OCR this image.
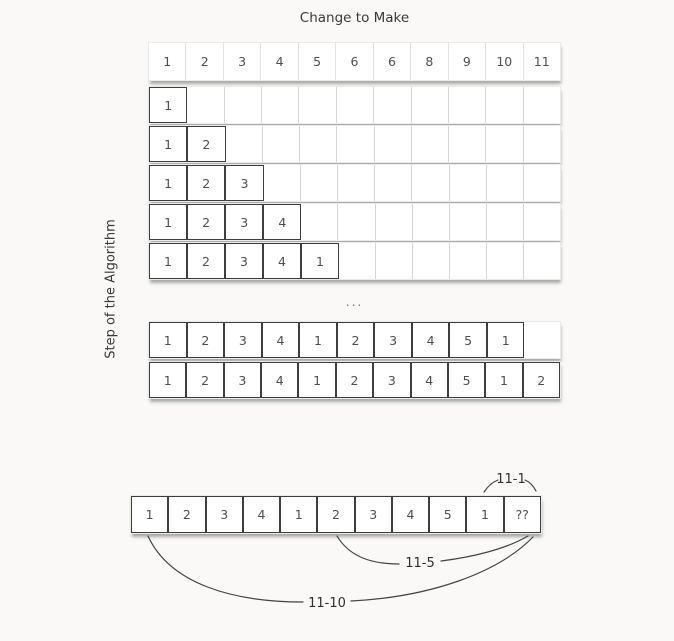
Change to Make
Step of the Algorithm
1	2	3	4	5	6	6	8	9	10	11
1
1	2
1	2	3
1	2	3	4
1	2	3	4	1
...
1	2	3	4	1	2	3	4	5	1
1	2	3	4	1	2	3	4	5	1	2
1	2	3	4	1	2	3	4	5	1	??
11-1
11-5
11-10
